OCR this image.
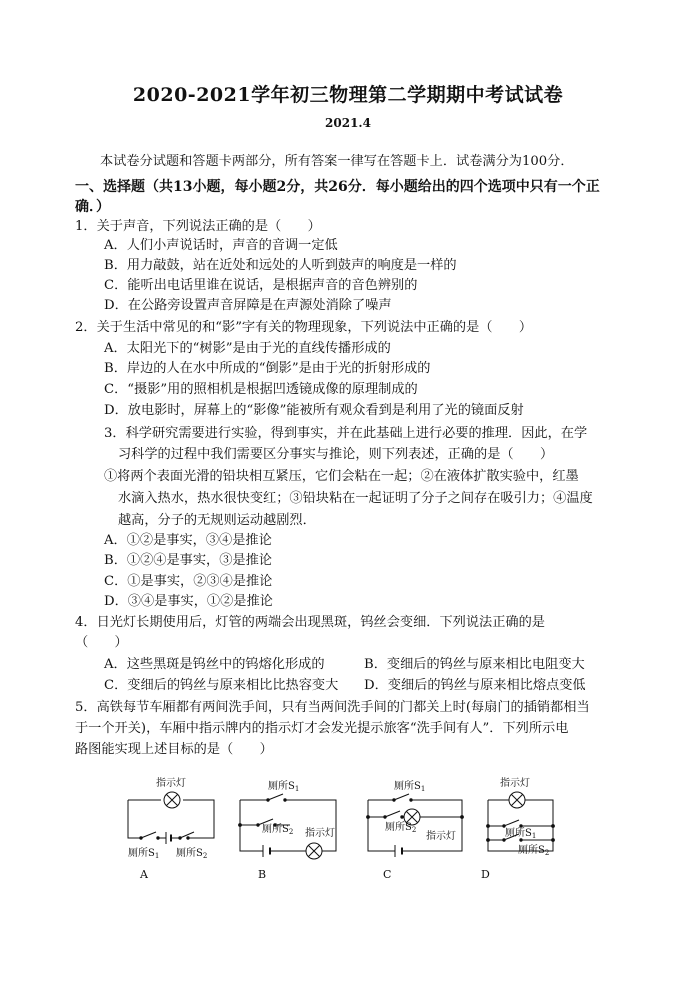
2020-2021学年初三物理第二学期期中考试试卷
2021.4
本试卷分试题和答题卡两部分，所有答案一律写在答题卡上．试卷满分为100分．
一、选择题（共13小题，每小题2分，共26分．每小题给出的四个选项中只有一个正
确．）
1．关于声音，下列说法正确的是（　　）
A．人们小声说话时，声音的音调一定低
B．用力敲鼓，站在近处和远处的人听到鼓声的响度是一样的
C．能听出电话里谁在说话，是根据声音的音色辨别的
D．在公路旁设置声音屏障是在声源处消除了噪声
2．关于生活中常见的和“影”字有关的物理现象，下列说法中正确的是（　　）
A．太阳光下的“树影”是由于光的直线传播形成的
B．岸边的人在水中所成的“倒影”是由于光的折射形成的
C．“摄影”用的照相机是根据凹透镜成像的原理制成的
D．放电影时，屏幕上的“影像”能被所有观众看到是利用了光的镜面反射
3．科学研究需要进行实验，得到事实，并在此基础上进行必要的推理．因此，在学
习科学的过程中我们需要区分事实与推论，则下列表述，正确的是（　　）
①将两个表面光滑的铅块相互紧压，它们会粘在一起；②在液体扩散实验中，红墨
水滴入热水，热水很快变红；③铅块粘在一起证明了分子之间存在吸引力；④温度
越高，分子的无规则运动越剧烈．
A．①②是事实，③④是推论
B．①②④是事实，③是推论
C．①是事实，②③④是推论
D．③④是事实，①②是推论
4．日光灯长期使用后，灯管的两端会出现黑斑，钨丝会变细．下列说法正确的是
（　　）
A．这些黑斑是钨丝中的钨熔化形成的	B．变细后的钨丝与原来相比电阻变大
C．变细后的钨丝与原来相比比热容变大 D．变细后的钨丝与原来相比熔点变低
5．高铁每节车厢都有两间洗手间，只有当两间洗手间的门都关上时(每扇门的插销都相当
于一个开关)，车厢中指示牌内的指示灯才会发光提示旅客“洗手间有人”．下列所示电
路图能实现上述目标的是（　　）
指示灯
厕所$S_1$ 厕所$S_2$
A
厕所$S_1$
厕所$S_2$ 指示灯
B
厕所$S_1$
厕所$S_2$
指示灯
C
指示灯
厕所$S_1$
厕所$S_2$
D
